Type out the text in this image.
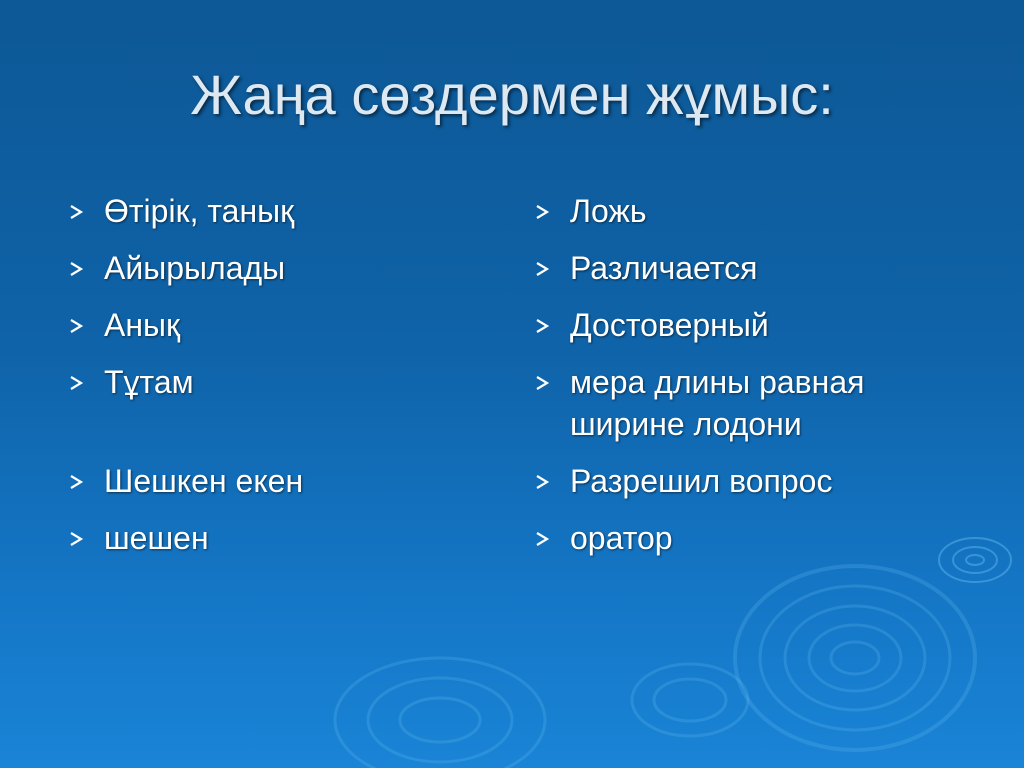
Жаңа сөздермен жұмыс:
Өтірік, танық
Айырылады
Анық
Тұтам
Шешкен екен
шешен
Ложь
Различается
Достоверный
мера длины равная ширине лодони
Разрешил вопрос
оратор
